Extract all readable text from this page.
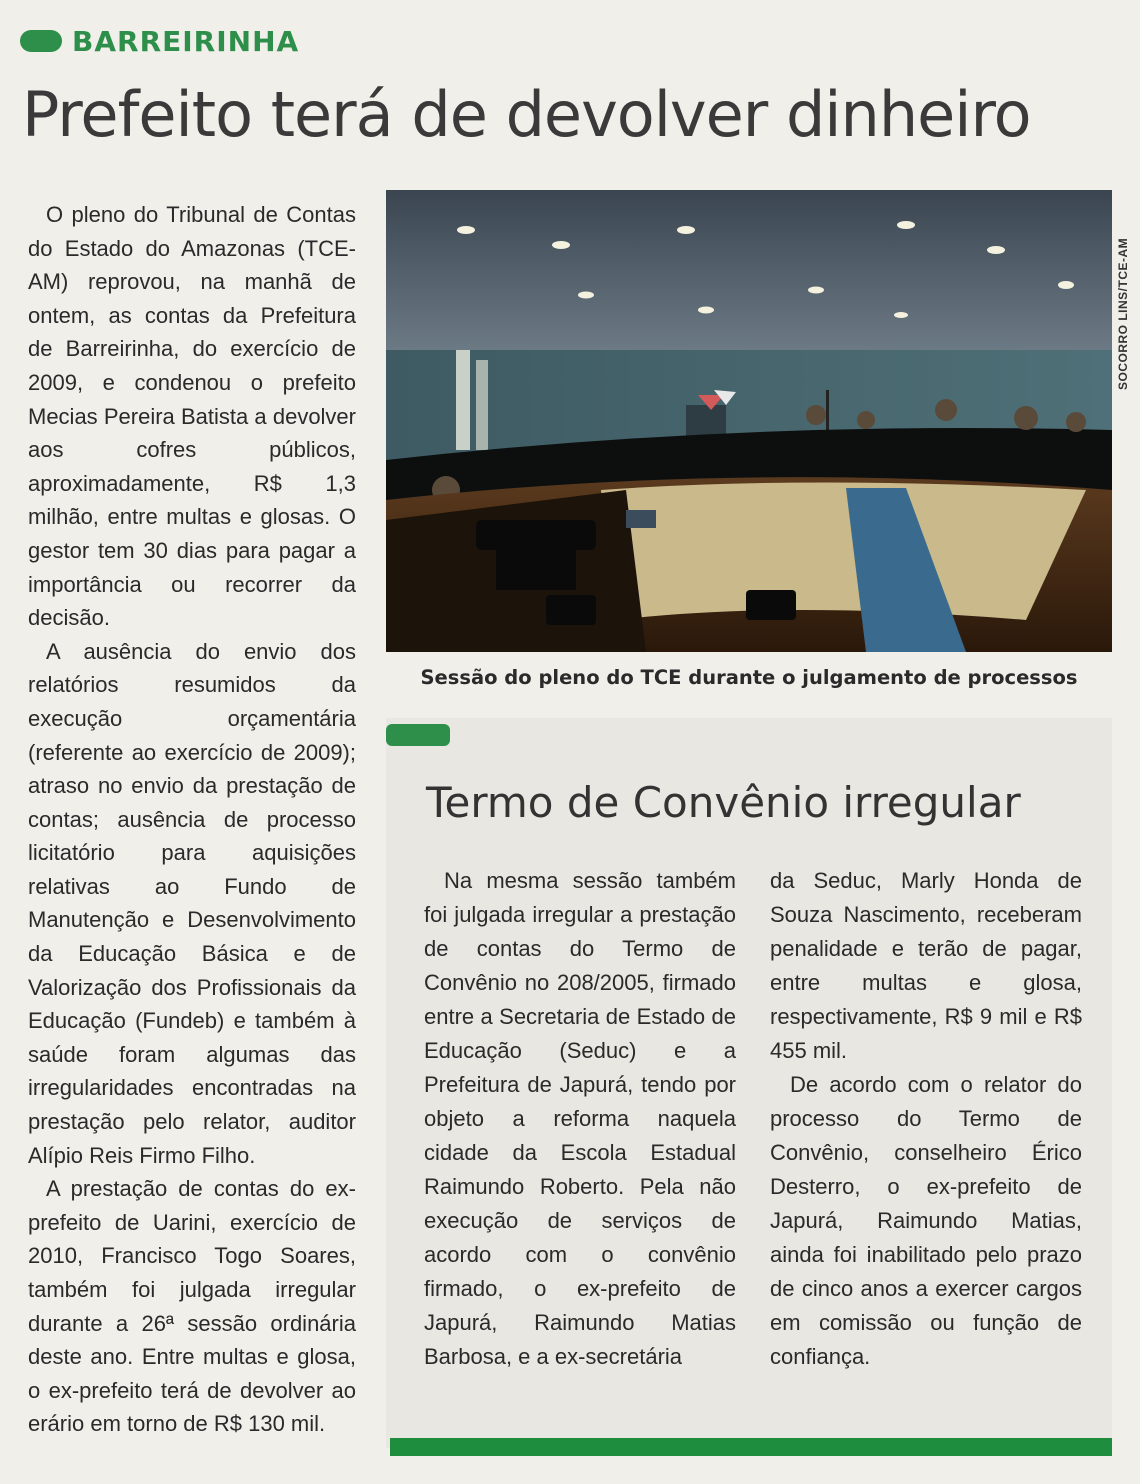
BARREIRINHA
Prefeito terá de devolver dinheiro

O pleno do Tribunal de Contas do Estado do Amazonas (TCE-AM) reprovou, na manhã de ontem, as contas da Prefeitura de Barreirinha, do exercício de 2009, e condenou o prefeito Mecias Pereira Batista a devolver aos cofres públicos, aproximadamente, R$ 1,3 milhão, entre multas e glosas. O gestor tem 30 dias para pagar a importância ou recorrer da decisão.

A ausência do envio dos relatórios resumidos da execução orçamentária (referente ao exercício de 2009); atraso no envio da prestação de contas; ausência de processo licitatório para aquisições relativas ao Fundo de Manutenção e Desenvolvimento da Educação Básica e de Valorização dos Profissionais da Educação (Fundeb) e também à saúde foram algumas das irregularidades encontradas na prestação pelo relator, auditor Alípio Reis Firmo Filho.

A prestação de contas do ex-prefeito de Uarini, exercício de 2010, Francisco Togo Soares, também foi julgada irregular durante a 26ª sessão ordinária deste ano. Entre multas e glosa, o ex-prefeito terá de devolver ao erário em torno de R$ 130 mil.

SOCORRO LINS/TCE-AM
Sessão do pleno do TCE durante o julgamento de processos
Termo de Convênio irregular

Na mesma sessão também foi julgada irregular a prestação de contas do Termo de Convênio no 208/2005, firmado entre a Secretaria de Estado de Educação (Seduc) e a Prefeitura de Japurá, tendo por objeto a reforma naquela cidade da Escola Estadual Raimundo Roberto. Pela não execução de serviços de acordo com o convênio firmado, o ex-prefeito de Japurá, Raimundo Matias Barbosa, e a ex-secretária

da Seduc, Marly Honda de Souza Nascimento, receberam penalidade e terão de pagar, entre multas e glosa, respectivamente, R$ 9 mil e R$ 455 mil.

De acordo com o relator do processo do Termo de Convênio, conselheiro Érico Desterro, o ex-prefeito de Japurá, Raimundo Matias, ainda foi inabilitado pelo prazo de cinco anos a exercer cargos em comissão ou função de confiança.
